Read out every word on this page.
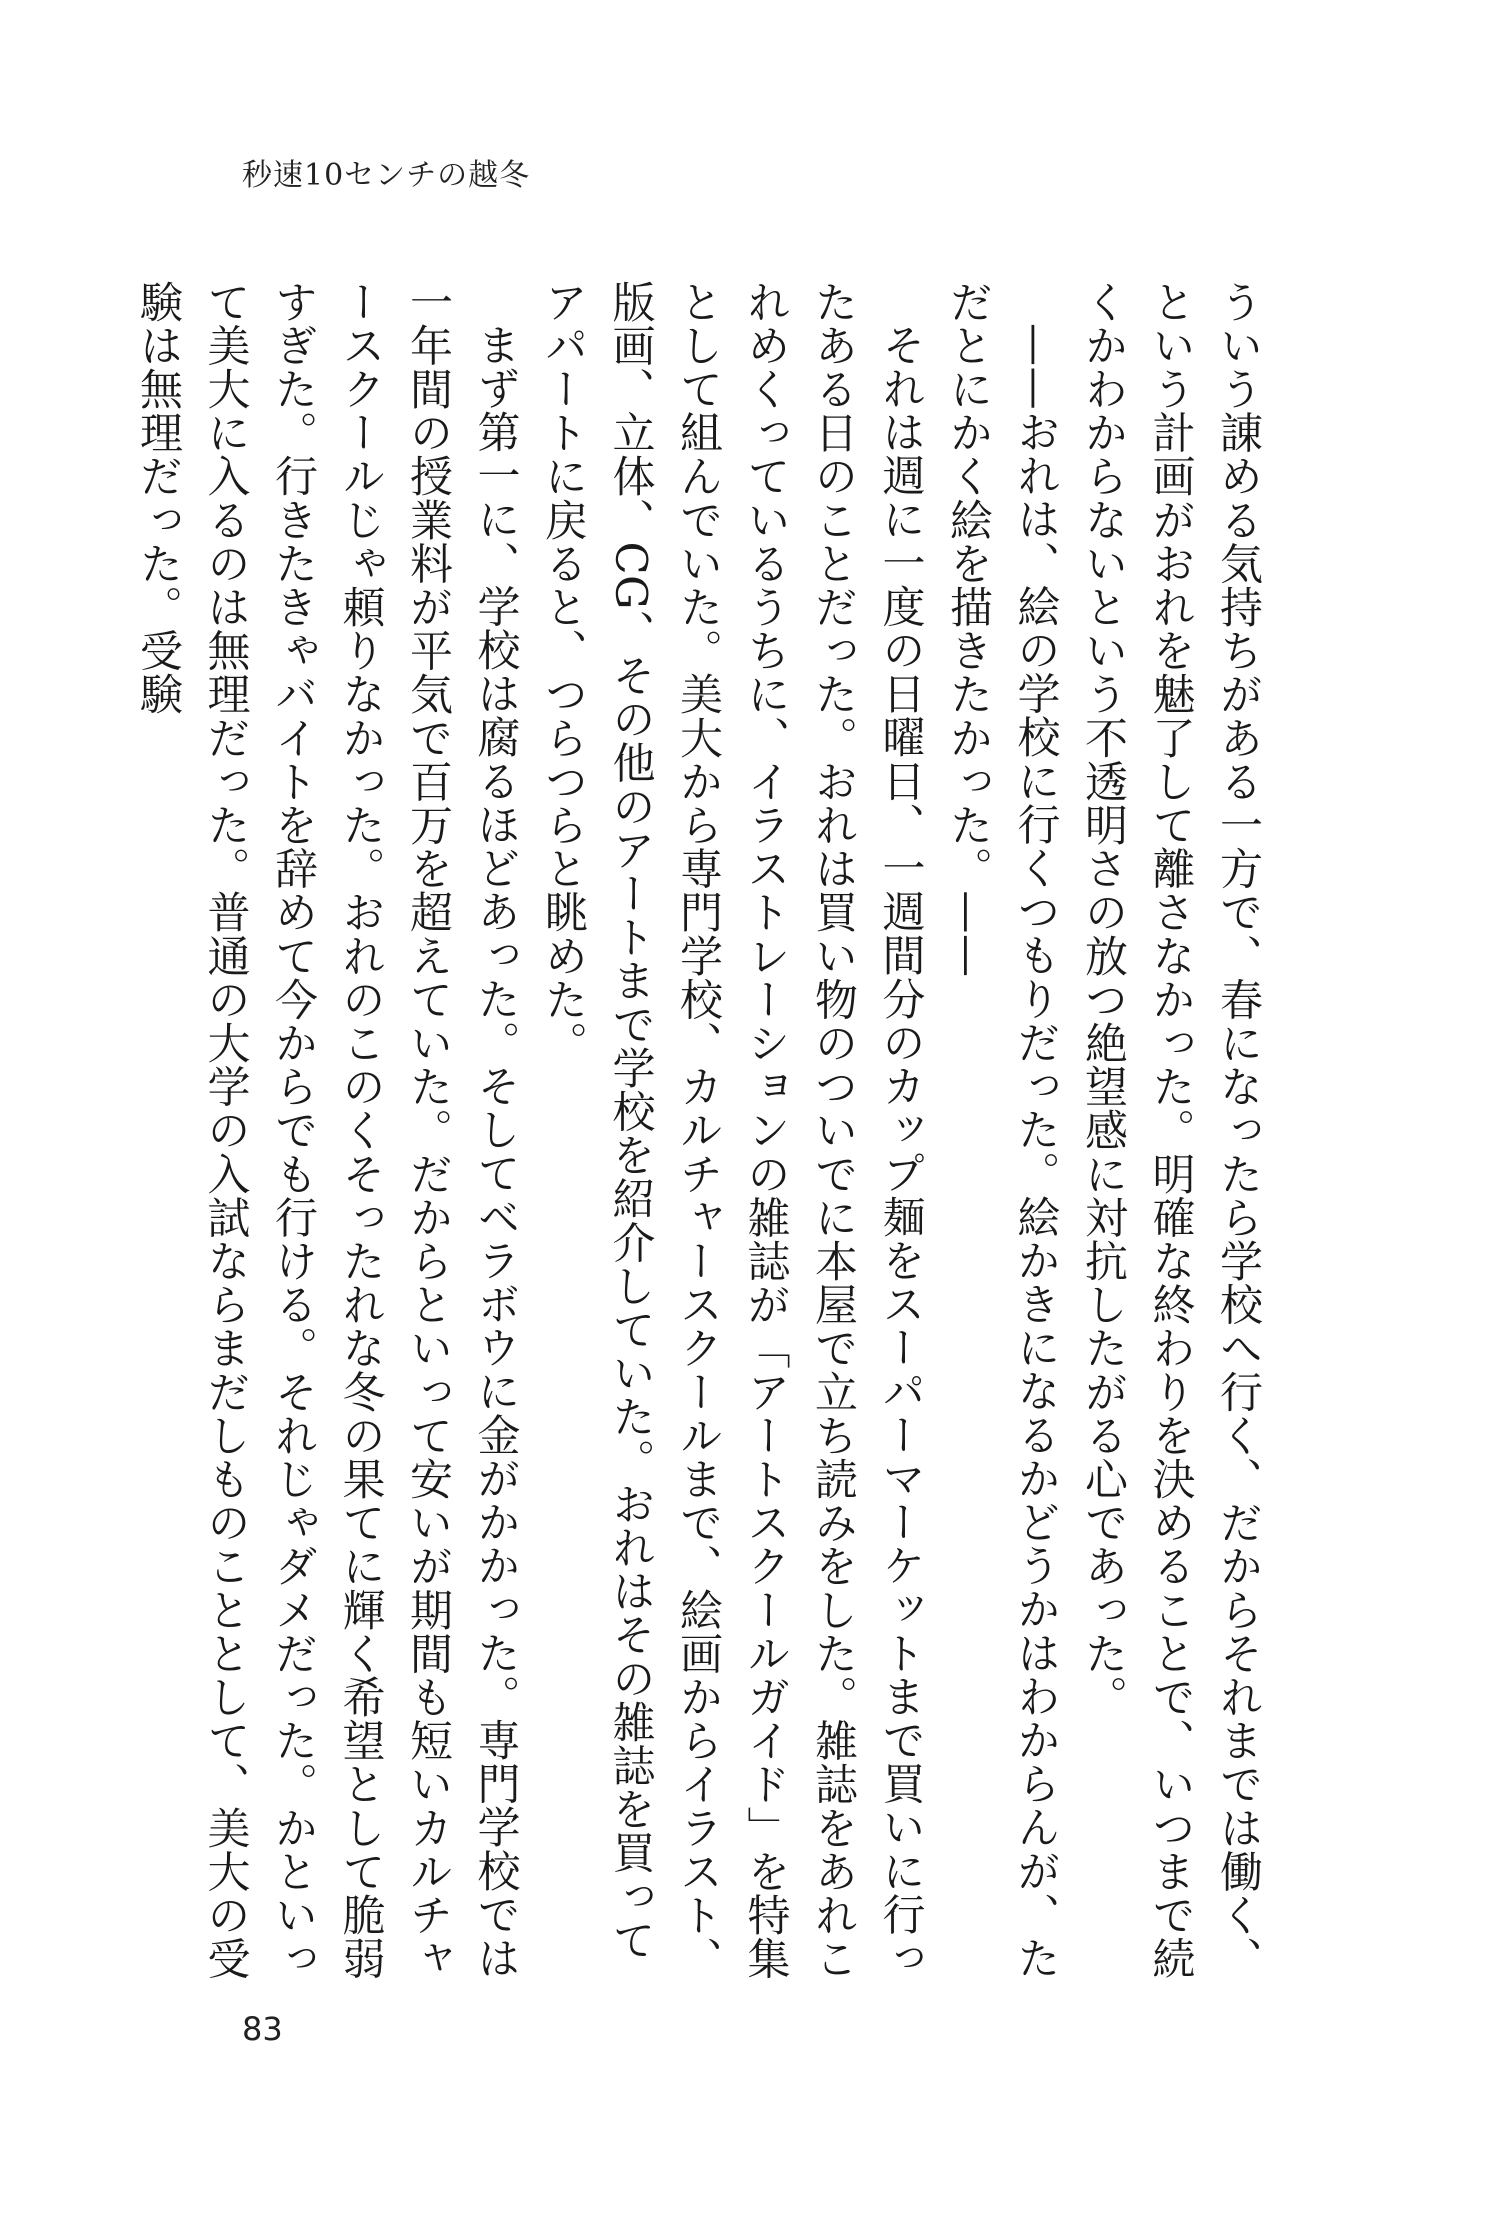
秒速10センチの越冬

ういう諌める気持ちがある一方で、春になったら学校へ行く、だからそれまでは働く、という計画がおれを魅了して離さなかった。明確な終わりを決めることで、いつまで続くかわからないという不透明さの放つ絶望感に対抗したがる心であった。

——おれは、絵の学校に行くつもりだった。絵かきになるかどうかはわからんが、ただとにかく絵を描きたかった。——

それは週に一度の日曜日、一週間分のカップ麺をスーパーマーケットまで買いに行ったある日のことだった。おれは買い物のついでに本屋で立ち読みをした。雑誌をあれこれめくっているうちに、イラストレーションの雑誌が「アートスクールガイド」を特集として組んでいた。美大から専門学校、カルチャースクールまで、絵画からイラスト、版画、立体、CG、その他のアートまで学校を紹介していた。おれはその雑誌を買ってアパートに戻ると、つらつらと眺めた。

まず第一に、学校は腐るほどあった。そしてベラボウに金がかかった。専門学校では一年間の授業料が平気で百万を超えていた。だからといって安いが期間も短いカルチャースクールじゃ頼りなかった。おれのこのくそったれな冬の果てに輝く希望として脆弱すぎた。行きたきゃバイトを辞めて今からでも行ける。それじゃダメだった。かといって美大に入るのは無理だった。普通の大学の入試ならまだしものこととして、美大の受験は無理だった。受験

83
